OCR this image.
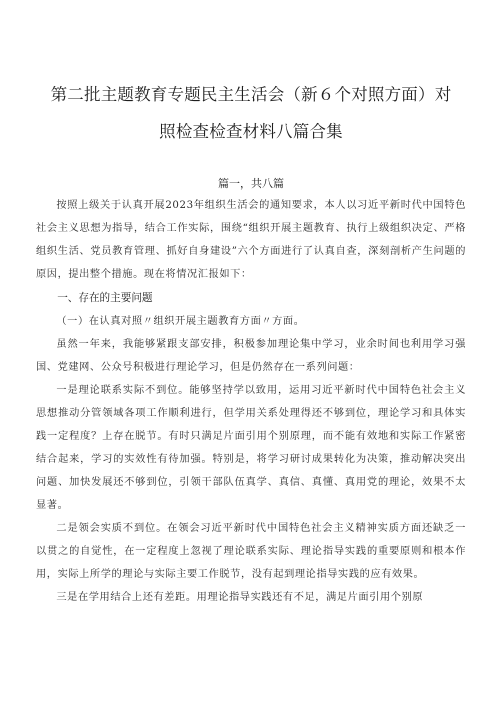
第二批主题教育专题民主生活会（新６个对照方面）对
照检查检查材料八篇合集
篇一，共八篇

按照上级关于认真开展2023年组织生活会的通知要求，本人以习近平新时代中国特色社会主义思想为指导，结合工作实际，围绕“组织开展主题教育、执行上级组织决定、严格组织生活、党员教育管理、抓好自身建设”六个方面进行了认真自查，深刻剖析产生问题的原因，提出整个措施。现在将情况汇报如下：

一、存在的主要问题

（一）在认真对照〃组织开展主题教育方面〃方面。

虽然一年来，我能够紧跟支部安排，积极参加理论集中学习，业余时间也利用学习强国、党建网、公众号积极进行理论学习，但是仍然存在一系列问题：

一是理论联系实际不到位。能够坚持学以致用，运用习近平新时代中国特色社会主义思想推动分管领域各项工作顺利进行，但学用关系处理得还不够到位，理论学习和具体实践一定程度？上存在脱节。有时只满足片面引用个别原理，而不能有效地和实际工作紧密结合起来，学习的实效性有待加强。特别是，将学习研讨成果转化为决策，推动解决突出问题、加快发展还不够到位，引领干部队伍真学、真信、真懂、真用党的理论，效果不太显著。

二是领会实质不到位。在领会习近平新时代中国特色社会主义精神实质方面还缺乏一以贯之的自觉性，在一定程度上忽视了理论联系实际、理论指导实践的重要原则和根本作用，实际上所学的理论与实际主要工作脱节，没有起到理论指导实践的应有效果。

三是在学用结合上还有差距。用理论指导实践还有不足，满足片面引用个别原
